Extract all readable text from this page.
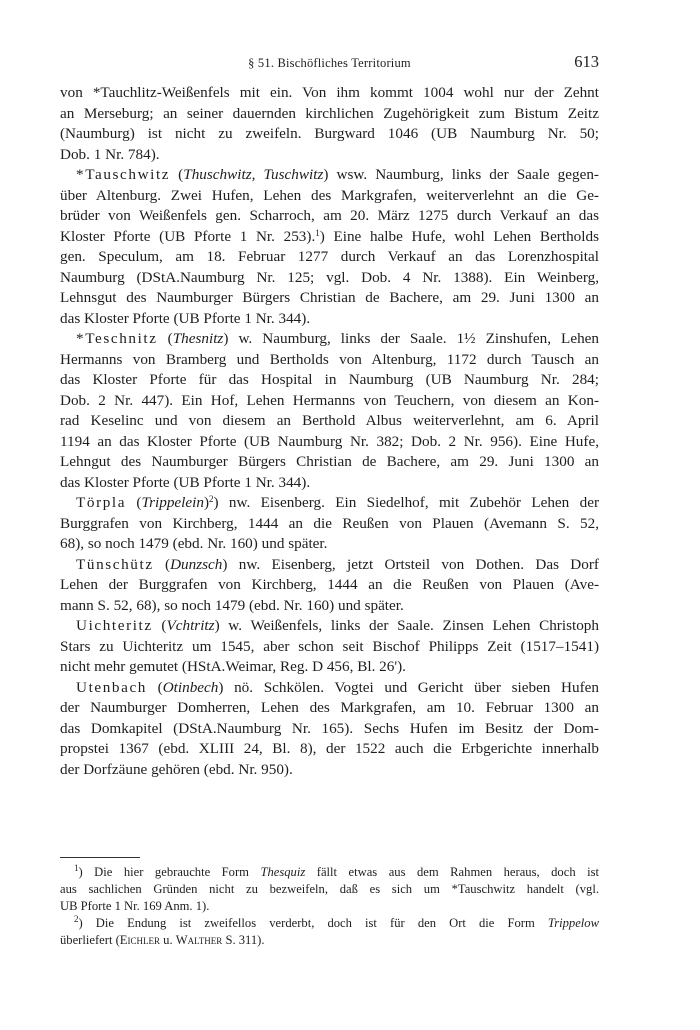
§ 51. Bischöfliches Territorium	613
von *Tauchlitz-Weißenfels mit ein. Von ihm kommt 1004 wohl nur der Zehnt
an Merseburg; an seiner dauernden kirchlichen Zugehörigkeit zum Bistum Zeitz
(Naumburg) ist nicht zu zweifeln. Burgward 1046 (UB Naumburg Nr. 50;
Dob. 1 Nr. 784).
*Tauschwitz (Thuschwitz, Tuschwitz) wsw. Naumburg, links der Saale gegen-
über Altenburg. Zwei Hufen, Lehen des Markgrafen, weiterverlehnt an die Ge-
brüder von Weißenfels gen. Scharroch, am 20. März 1275 durch Verkauf an das
Kloster Pforte (UB Pforte 1 Nr. 253).$^1$) Eine halbe Hufe, wohl Lehen Bertholds
gen. Speculum, am 18. Februar 1277 durch Verkauf an das Lorenzhospital
Naumburg (DStA.Naumburg Nr. 125; vgl. Dob. 4 Nr. 1388). Ein Weinberg,
Lehnsgut des Naumburger Bürgers Christian de Bachere, am 29. Juni 1300 an
das Kloster Pforte (UB Pforte 1 Nr. 344).
*Teschnitz (Thesnitz) w. Naumburg, links der Saale. 1½ Zinshufen, Lehen
Hermanns von Bramberg und Bertholds von Altenburg, 1172 durch Tausch an
das Kloster Pforte für das Hospital in Naumburg (UB Naumburg Nr. 284;
Dob. 2 Nr. 447). Ein Hof, Lehen Hermanns von Teuchern, von diesem an Kon-
rad Keselinc und von diesem an Berthold Albus weiterverlehnt, am 6. April
1194 an das Kloster Pforte (UB Naumburg Nr. 382; Dob. 2 Nr. 956). Eine Hufe,
Lehngut des Naumburger Bürgers Christian de Bachere, am 29. Juni 1300 an
das Kloster Pforte (UB Pforte 1 Nr. 344).
Törpla (Trippelein)$^2$) nw. Eisenberg. Ein Siedelhof, mit Zubehör Lehen der
Burggrafen von Kirchberg, 1444 an die Reußen von Plauen (Avemann S. 52,
68), so noch 1479 (ebd. Nr. 160) und später.
Tünschütz (Dunzsch) nw. Eisenberg, jetzt Ortsteil von Dothen. Das Dorf
Lehen der Burggrafen von Kirchberg, 1444 an die Reußen von Plauen (Ave-
mann S. 52, 68), so noch 1479 (ebd. Nr. 160) und später.
Uichteritz (Vchtritz) w. Weißenfels, links der Saale. Zinsen Lehen Christoph
Stars zu Uichteritz um 1545, aber schon seit Bischof Philipps Zeit (1517–1541)
nicht mehr gemutet (HStA.Weimar, Reg. D 456, Bl. 26').
Utenbach (Otinbech) nö. Schkölen. Vogtei und Gericht über sieben Hufen
der Naumburger Domherren, Lehen des Markgrafen, am 10. Februar 1300 an
das Domkapitel (DStA.Naumburg Nr. 165). Sechs Hufen im Besitz der Dom-
propstei 1367 (ebd. XLIII 24, Bl. 8), der 1522 auch die Erbgerichte innerhalb
der Dorfzäune gehören (ebd. Nr. 950).
$^1$) Die hier gebrauchte Form Thesquiz fällt etwas aus dem Rahmen heraus, doch ist
aus sachlichen Gründen nicht zu bezweifeln, daß es sich um *Tauschwitz handelt (vgl.
UB Pforte 1 Nr. 169 Anm. 1).
$^2$) Die Endung ist zweifellos verderbt, doch ist für den Ort die Form Trippelow
überliefert (Eichler u. Walther S. 311).
